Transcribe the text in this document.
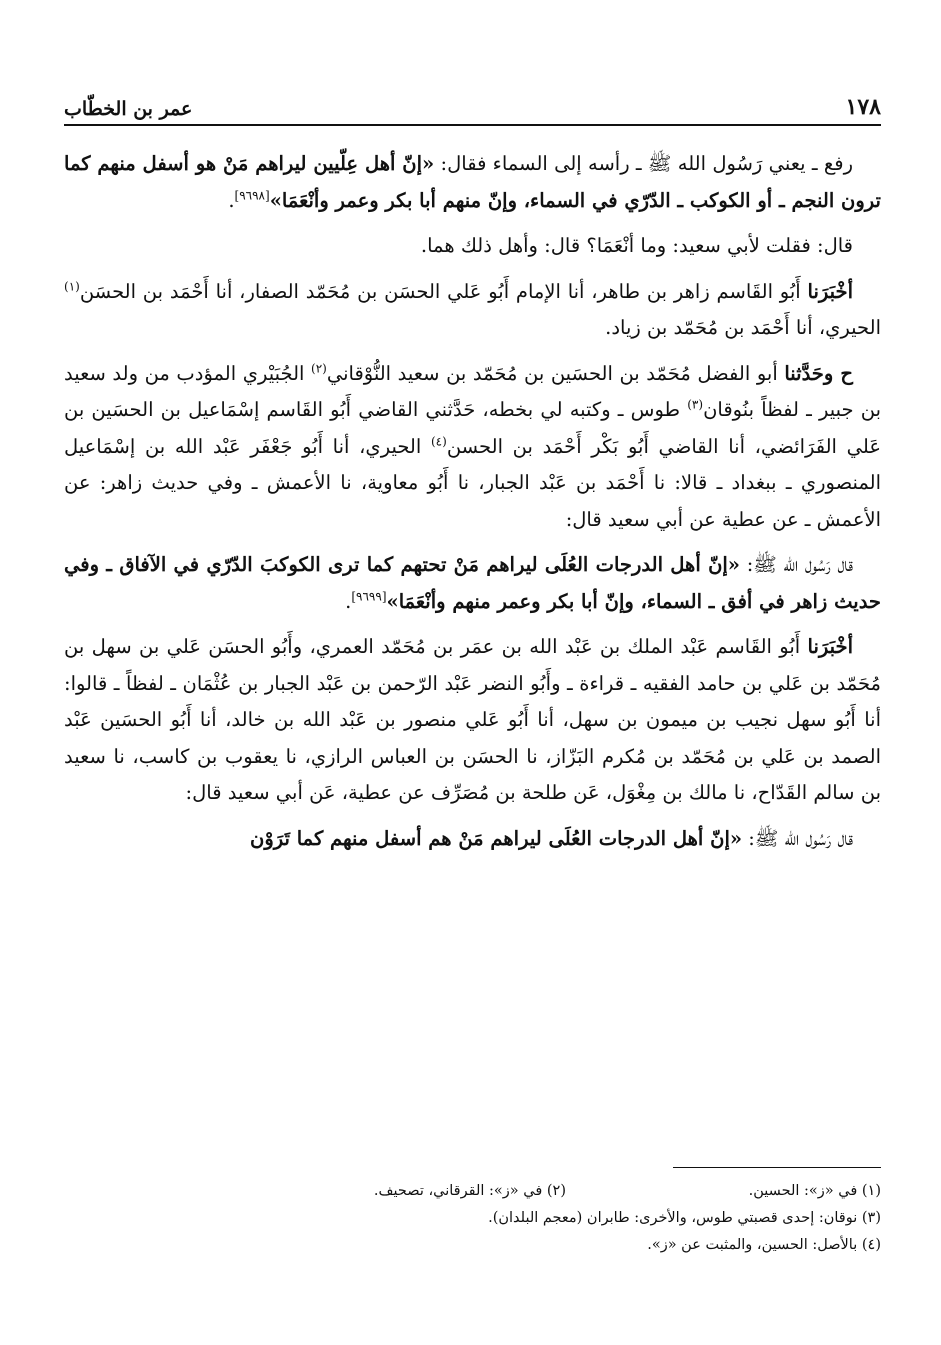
١٧٨
عمر بن الخطّاب

رفع ـ يعني رَسُول الله ﷺ ـ رأسه إلى السماء فقال: «إنّ أهل عِلّيين ليراهم مَنْ هو أسفل منهم كما ترون النجم ـ أو الكوكب ـ الدّرّي في السماء، وإنّ منهم أبا بكر وعمر وأنْعَمَا»[٩٦٩٨].

قال: فقلت لأبي سعيد: وما أنْعَمَا؟ قال: وأهل ذلك هما.

أخْبَرَنا أَبُو القَاسم زاهر بن طاهر، أنا الإمام أَبُو عَلي الحسَن بن مُحَمّد الصفار، أنا أَحْمَد بن الحسَن$^{(١)}$ الحيري، أنا أَحْمَد بن مُحَمّد بن زياد.

ح وحَدَّثنا أبو الفضل مُحَمّد بن الحسَين بن مُحَمّد بن سعيد النُّوْقاني$^{(٢)}$ الجُبَيْري المؤدب من ولد سعيد بن جبير ـ لفظاً بنُوقان$^{(٣)}$ طوس ـ وكتبه لي بخطه، حَدَّثني القاضي أَبُو القَاسم إسْمَاعيل بن الحسَين بن عَلي الفَرَائضي، أنا القاضي أَبُو بَكْر أَحْمَد بن الحسن$^{(٤)}$ الحيري، أنا أَبُو جَعْفَر عَبْد الله بن إسْمَاعيل المنصوري ـ ببغداد ـ قالا: نا أَحْمَد بن عَبْد الجبار، نا أَبُو معاوية، نا الأعمش ـ وفي حديث زاهر: عن الأعمش ـ عن عطية عن أبي سعيد قال:

قال رَسُول الله ﷺ: «إنّ أهل الدرجات العُلَى ليراهم مَنْ تحتهم كما ترى الكوكبَ الدّرّي في الآفاق ـ وفي حديث زاهر في أفق ـ السماء، وإنّ أبا بكر وعمر منهم وأنْعَمَا»[٩٦٩٩].

أخْبَرَنا أَبُو القَاسم عَبْد الملك بن عَبْد الله بن عمَر بن مُحَمّد العمري، وأَبُو الحسَن عَلي بن سهل بن مُحَمّد بن عَلي بن حامد الفقيه ـ قراءة ـ وأَبُو النضر عَبْد الرّحمن بن عَبْد الجبار بن عُثْمَان ـ لفظاً ـ قالوا: أنا أَبُو سهل نجيب بن ميمون بن سهل، أنا أَبُو عَلي منصور بن عَبْد الله بن خالد، أنا أَبُو الحسَين عَبْد الصمد بن عَلي بن مُحَمّد بن مُكرم البَزّاز، نا الحسَن بن العباس الرازي، نا يعقوب بن كاسب، نا سعيد بن سالم القَدّاح، نا مالك بن مِغْوَل، عَن طلحة بن مُصَرِّف عن عطية، عَن أبي سعيد قال:

قال رَسُول الله ﷺ: «إنّ أهل الدرجات العُلَى ليراهم مَنْ هم أسفل منهم كما تَرَوْن

(١) في «ز»: الحسين.
(٢) في «ز»: القرقاني، تصحيف.
(٣) نوقان: إحدى قصبتي طوس، والأخرى: طابران (معجم البلدان).
(٤) بالأصل: الحسين، والمثبت عن «ز».
